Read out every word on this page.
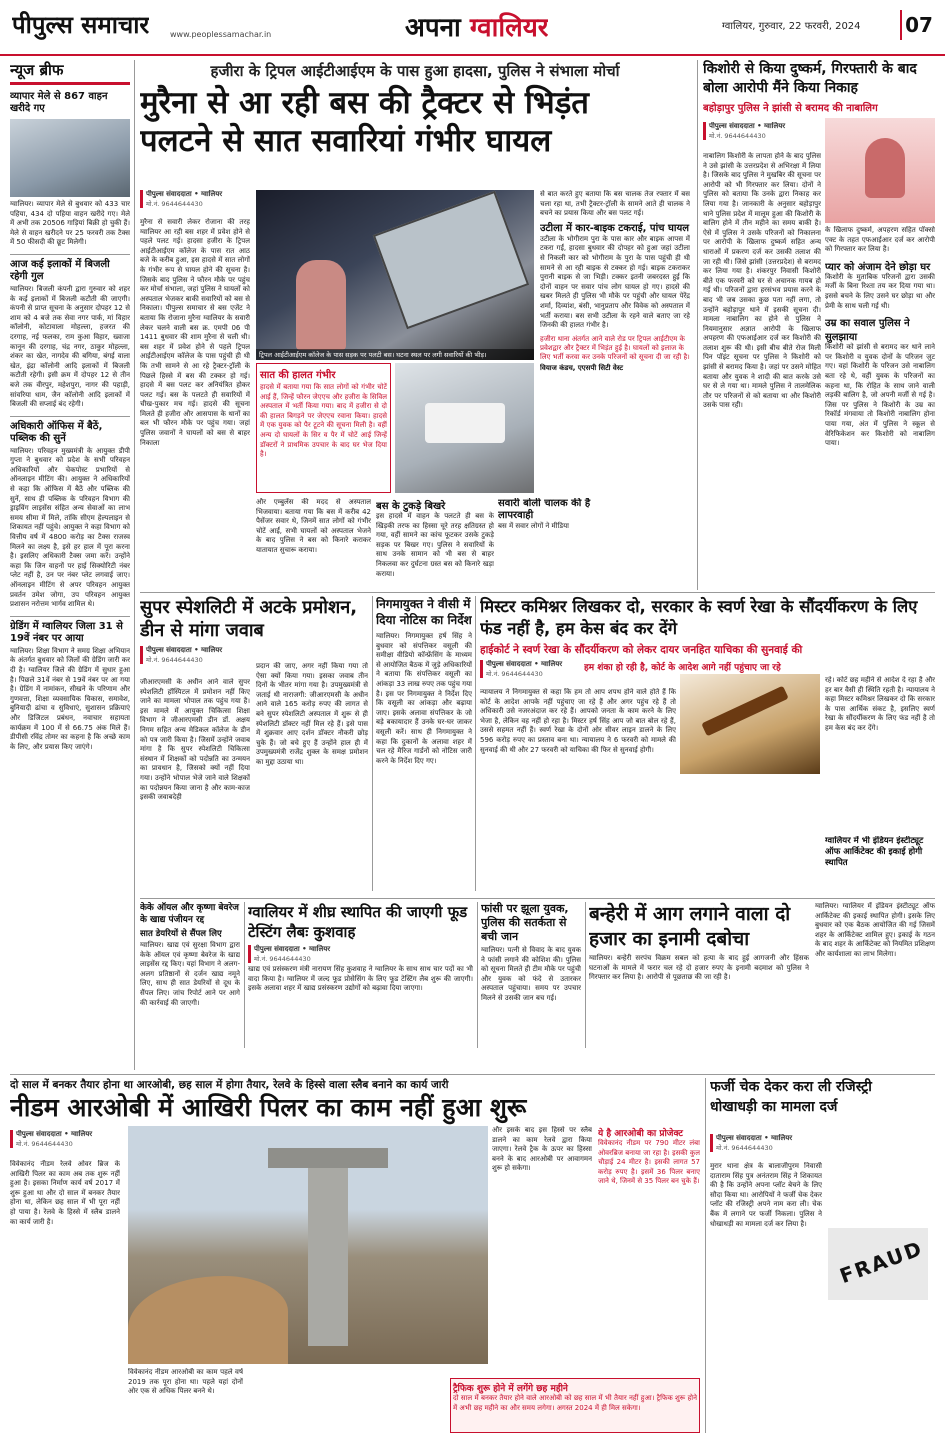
पीपुल्स समाचार	www.peoplessamachar.in	अपना ग्वालियर	ग्वालियर, गुरुवार, 22 फरवरी, 2024 07
न्यूज ब्रीफ
व्यापार मेले से 867 वाहन खरीदे गए
ग्वालियर। व्यापार मेले से बुधवार को 433 चार पहिया, 434 दो पहिया वाहन खरीदे गए। मेले में अभी तक 20506 गाड़ियां बिक्री हो चुकी हैं। मेले से वाहन खरीदने पर 25 फरवरी तक टैक्स में 50 फीसदी की छूट मिलेगी।
आज कई इलाकों में बिजली रहेगी गुल
ग्वालियर। बिजली कंपनी द्वारा गुरुवार को शहर के कई इलाकों में बिजली कटौती की जाएगी। कंपनी से प्राप्त सूचना के अनुसार दोपहर 12 से शाम को 4 बजे तक सेवा नगर पार्क, मां विहार कॉलोनी, कोटावाला मोहल्ला, हजरत की दरगाह, नई फलका, राम कुआ विहार, ख्वाजा कानून की दरगाह, चंद्र नगर, ठाकुर मोहल्ला, शंकर का खेत, नागदेव की बगिया, बंगई वाला खेत, इंद्रा कॉलोनी आदि इलाकों में बिजली कटौती रहेगी। इसी क्रम में दोपहर 12 से तीन बजे तक वीरपुर, महेशपुरा, नागर की पहाड़ी, सांवरिया धाम, जैन कॉलोनी आदि इलाकों में बिजली की सप्लाई बंद रहेगी।
अधिकारी ऑफिस में बैठें, पब्लिक की सुनें
ग्वालियर। परिवहन मुख्यमंत्री के आयुक्त डीपी गुप्ता ने बुधवार को प्रदेश के सभी परिवहन अधिकारियों और चेकपोस्ट प्रभारियों से ऑनलाइन मीटिंग की। आयुक्त ने अधिकारियों से कहा कि ऑफिस में बैठें और पब्लिक की सुनें, साथ ही पब्लिक के परिवहन विभाग की ड्राइविंग लाइसेंस संहित अन्य सेवाओं का लाभ समय सीमा में मिले, तांकि सीएम हेल्पलाइन से शिकायत नहीं पहुंचे। आयुक्त ने कहा विभाग को वित्तीय वर्ष में 4800 करोड़ का टैक्स राजस्व मिलने का लक्ष्य है, इसे हर हाल में पूरा करना है। इसलिए अधिकारी टैक्स जमा करें। उन्होंने कहा कि जिन वाहनों पर हाई सिक्योरिटी नंबर प्लेट नहीं है, उन पर नंबर प्लेट लगवाई जाए। ऑनलाइन मीटिंग से अपर परिवहन आयुक्त प्रवर्तन उमेश जोगा, उप परिवहन आयुक्त प्रशासन नरोत्तम भार्गव शामिल थे।
ग्रेडिंग में ग्वालियर जिला 31 से 19वें नंबर पर आया
ग्वालियर। शिक्षा विभाग ने समग्र शिक्षा अभियान के अंतर्गत बुधवार को जिलों की ग्रेडिंग जारी कर दी है। ग्वालियर जिले की ग्रेडिंग में सुधार हुआ है। पिछले 31वें नंबर से 19वें नंबर पर आ गया है। ग्रेडिंग में नामांकन, सीखने के परिणाम और गुणवत्ता, शिक्षा व्यवसायिक विकास, समावेश, बुनियादी ढांचा व सुविधाएं, सुशासन प्रक्रियाएं और डिजिटल प्रबंधन, नवाचार सहायता कार्यक्रम में 100 में से 66.75 अंक मिले हैं। डीपीसी रविंद्र तोमर का कहना है कि अच्छे काम के लिए, और प्रयास किए जाएंगे।
हजीरा के ट्रिपल आईटीआईएम के पास हुआ हादसा, पुलिस ने संभाला मोर्चा
मुरैना से आ रही बस की ट्रैक्टर से भिड़ंत
पलटने से सात सवारियां गंभीर घायल
पीपुल्स संवाददाता • ग्वालियर
मो.नं. 9644644430
मुरैना से सवारी लेकर रोजाना की तरह ग्वालियर आ रही बस शहर में प्रवेश होने से पहले पलट गई। हादसा हजीरा के ट्रिपल आईटीआईएम कॉलेज के पास रात आठ बजे के करीब हुआ, इस हादसे में सात लोगों के गंभीर रूप से घायल होने की सूचना है। जिसके बाद पुलिस ने फौरन मौके पर पहुंच कर मोर्चा संभाला, जहां पुलिस ने घायलों को अस्पताल भेजकर बाकी सवारियों को बस से निकाला। पीपुल्स समाचार से बस एजेंट ने बताया कि रोजाना मुरैना ग्वालियर के सवारी लेकर चलने वाली बस क्र. एमपी 06 पी 1411 बुधवार की शाम मुरैना से चली थी। बस शहर में प्रवेश होने से पहले ट्रिपल आईटीआईएम कॉलेज के पास पहुंची ही थी कि तभी सामने से आ रहे ट्रैक्टर-ट्रॉली के पिछले हिस्से में बस की टक्कर हो गई। हादसे में बस पलट कर अनियंत्रित होकर पलट गई। बस के पलटते ही सवारियों में चीख-पुकार मच गई। हादसे की सूचना मिलते ही हजीरा और आसपास के थानों का बल भी फौरन मौके पर पहुंच गया। जहां पुलिस जवानों ने घायलों को बस से बाहर निकाला
ट्रिपल आईटीआईएम कॉलेज के पास सड़क पर पलटी बस। घटना स्थल पर लगी सवारियों की भीड़।
सात की हालत गंभीर
हादसे में बताया गया कि सात लोगों को गंभीर चोटें आई हैं, जिन्हें फौरन जेएएच और हजीरा के सिविल अस्पताल में भर्ती किया गया। बाद में हजीरा से दो की हालत बिगड़ने पर जेएएच रवाना किया। हादसे में एक युवक को पैर टूटने की सूचना मिली है। वहीं अन्य दो घायलों के सिर व पैर में चोटें आई जिन्हें डॉक्टरों ने प्राथमिक उपचार के बाद घर भेज दिया है।
और एम्बुलेंस की मदद से अस्पताल भिजवाया। बताया गया कि बस में करीब 42 पैसेंजर सवार थे, जिनमें सात लोगों को गंभीर चोटें आईं, सभी घायलों को अस्पताल भेजने के बाद पुलिस ने बस को किनारे कराकर यातायात सुचारू कराया।
बस के टुकड़े बिखरे
इस हादसे में वाहन के पलटते ही बस के खिड़की तरफ का हिस्सा चूरे तरह क्षतिग्रस्त हो गया, वहीं सामने का कांच फूटकर उसके टुकड़े सड़क पर बिखर गए। पुलिस ने सवारियों के साथ उनके सामान को भी बस से बाहर निकलवा कर दुर्घटना ग्रस्त बस को किनारे खड़ा कराया।
सवारी बोली चालक की है लापरवाही
बस में सवार लोगों ने मीडिया
से बात करते हुए बताया कि बस चालक तेज रफ्तार में बस चला रहा था, तभी ट्रैक्टर-ट्रॉली के सामने आते ही चालक ने बचने का प्रयास किया और बस पलट गई।
उटीला में कार-बाइक टकराई, पांच घायल
उटीला के भोगीराम पुरा के पास कार और बाइक आपस में टकरा गईं, हादसा बुधवार की दोपहर को हुआ जहां उटीला से निकली कार को भोगीराम के पुरा के पास पहुंची ही थी सामने से आ रही बाइक से टक्कर हो गई। बाइक टकराकर पुरानी बाइक से जा भिड़ी। टक्कर इतनी जबरदस्त हुई कि दोनों वाहन पर सवार पांच लोग घायल हो गए। हादसे की खबर मिलते ही पुलिस भी मौके पर पहुंची और घायल पेरेंद्र शर्मा, दिव्यांश, बंसी, भानुप्रताप और विवेक को अस्पताल में भर्ती कराया। बस सभी उटीला के रहने वाले बताए जा रहे जिनकी की हालत गंभीर है।
हजीरा थाना अंतर्गत आने वाले रोड पर ट्रिपल आईटीएम के प्रवेशद्वार और ट्रैक्टर में भिड़ंत हुई है। घायलों को इलाज के लिए भर्ती करवा कर उनके परिजनों को सूचना दी जा रही है।
वियाज कंडच, एएसपी सिटी वेस्ट
किशोरी से किया दुष्कर्म, गिरफ्तारी के बाद बोला आरोपी मैंने किया निकाह
बहोड़ापुर पुलिस ने झांसी से बरामद की नाबालिग
पीपुल्स संवाददाता • ग्वालियर
मो.नं. 9644644430
नाबालिग किशोरी के लापता होने के बाद पुलिस ने उसे झांसी के उत्तरप्रदेश से अभिरक्षा में लिया है। जिसके बाद पुलिस ने मुखबिर की सूचना पर आरोपी को भी गिरफ्तार कर लिया। दोनों ने पुलिस को बताया कि उनके द्वारा निकाह कर लिया गया है। जानकारी के अनुसार बहोड़ापुर थाने पुलिस प्रदेश में मालूम हुआ की किशोरी के बालिग होने में तीन महीने का समय बाकी है। ऐसे में पुलिस ने उसके परिजनों को निकालना पर आरोपी के खिलाफ दुष्कर्म सहित अन्य धाराओं में प्रकरण दर्ज कर उसकी तलाश की जा रही थी। जिसे झांसी (उत्तरप्रदेश) से बरामद कर लिया गया है। शंकरपुर निवासी किशोरी बीते एक फरवरी को घर से अचानक गायब हो गई थी। परिजनों द्वारा हरसंभव प्रयास करने के बाद भी जब उसका कुछ पता नहीं लगा, तो उन्होंने बहोड़ापुर थाने में इसकी सूचना दी। मामला नाबालिग का होने से पुलिस ने नियमानुसार अज्ञात आरोपी के खिलाफ अपहरण की एफआईआर दर्ज कर किशोरी की तलाश शुरू की थी। इसी बीच बीते रोज मिली पिन पॉइंट सूचना पर पुलिस ने किशोरी को झांसी से बरामद किया है। जहां पर उसने मोहित बताया और युवक ने शादी की बात करके उसे घर से ले गया था। मामले पुलिस ने तालमेलिक तौर पर परिजनों से को बताया था और किशोरी उसके पास रही।
के खिलाफ दुष्कर्म, अपहरण सहित पॉक्सो एक्ट के तहत एफआईआर दर्ज कर आरोपी को गिरफ्तार कर लिया है।
प्यार को अंजाम देने छोड़ा घर
किशोरी के मुताबिक परिजनों द्वारा उसकी मर्जी के बिना रिश्ता तय कर दिया गया था। इससे बचने के लिए उसने घर छोड़ा था और प्रेमी के साथ चली गई थी।
उम्र का सवाल पुलिस ने सुलझाया
किशोरी को झांसी से बरामद कर थाने लाने पर किशोरी व युवक दोनों के परिजन जुट गए। वहां किशोरी के परिजन उसे नाबालिग बता रहे थे, वहीं युवक के परिजनों का कहना था, कि रोहित के साथ जाने वाली लड़की बालिग है, जो अपनी मर्जी से गई है। जिस पर पुलिस ने किशोरी के उम्र का रिकॉर्ड मंगवाया तो किशोरी नाबालिग होना पाया गया, अंत में पुलिस ने स्कूल से वेरिफिकेशन कर किशोरी को नाबालिग पाया।
सुपर स्पेशलिटी में अटके प्रमोशन, डीन से मांगा जवाब
पीपुल्स संवाददाता • ग्वालियर
मो.नं. 9644644430
जीआरएमसी के अधीन आने वाले सुपर स्पेशलिटी हॉस्पिटल में प्रमोशन नहीं किए जाने का मामला भोपाल तक पहुंच गया है। इस मामले में आयुक्त चिकित्सा शिक्षा विभाग ने जीआरएमसी डीन डॉ. अक्षय निगम सहित अन्य मेडिकल कॉलेज के डीन को पत्र जारी किया है। जिसमें उन्होंने जवाब मांगा है कि सुपर स्पेशलिटी चिकित्सा संस्थान में शिक्षकों को पदोन्नति का उन्मयन का प्रावधान है, जिसको क्यों नहीं दिया गया। उन्होंने भोपाल भेजे जाने वाले शिक्षकों का पदोन्नयन किया जाना है और काम-काज इसकी जवाबदेही
प्रदान की जाए, अगर नहीं किया गया तो ऐसा क्यों किया गया। इसका जवाब तीन दिनों के भीतर मांगा गया है। उपमुख्यमंत्री से जताई थी नाराजगी: जीआरएमसी के अधीन आने वाले 165 करोड़ रुपए की लागत से बने सुपर स्पेशलिटी अस्पताल में शुरू से ही स्पेशलिटी डॉक्टर नहीं मिल रहे हैं। इसे पास में शुक्रवार आए दर्शन डॉक्टर नौकरी छोड़ चुके हैं। जो बचे हुए हैं उन्होंने हाल ही में उपमुख्यमंत्री राजेंद्र शुक्ल के समक्ष प्रमोशन का मुद्दा उठाया था।
निगमायुक्त ने वीसी में दिया नोटिस का निर्देश
ग्वालियर। निगमायुक्त हर्ष सिंह ने बुधवार को संपत्तिकर वसूली की समीक्षा वीडियो कॉन्फ्रेंसिंग के माध्यम से आयोजित बैठक में जुड़े अधिकारियों ने बताया कि संपत्तिकर वसूली का आंकड़ा 33 लाख रुपए तक पहुंच गया है। इस पर निगमायुक्त ने निर्देश दिए कि वसूली का आंकड़ा और बढ़ाया जाए। इसके अलावा संपत्तिकर के जो बड़े बकायादार हैं उनके घर-घर जाकर वसूली करें। साथ ही निगमायुक्त ने कहा कि दुकानों के अलावा शहर में चल रहे मैरिज गार्डनों को नोटिस जारी करने के निर्देश दिए गए।
मिस्टर कमिश्नर लिखकर दो, सरकार के स्वर्ण रेखा के सौंदर्यीकरण के लिए फंड नहीं है, हम केस बंद कर देंगे
हाईकोर्ट ने स्वर्ण रेखा के सौंदर्यीकरण को लेकर दायर जनहित याचिका की सुनवाई की
पीपुल्स संवाददाता • ग्वालियर
मो.नं. 9644644430
हम शंका हो रही है, कोर्ट के आदेश आगे नहीं पहुंचाए जा रहे
न्यायालय ने निगमायुक्त से कहा कि हम तो आप शपथ होने वाले होते हैं कि कोर्ट के आदेश आपके नहीं पहुंचाए जा रहे हैं और अगर पहुंच रहे हैं तो अधिकारी उसे नजरअंदाज कर रहे हैं। आपको जनता के काम करने के लिए भेजा है, लेकिन वह नहीं हो रहा है। मिस्टर हर्ष सिंह आप जो बात बोल रहे हैं, उससे सहमत नहीं हैं। स्वर्ण रेखा के दोनों ओर सीवर लाइन डालने के लिए 596 करोड़ रुपए का प्रस्ताव बना था। न्यायालय ने 6 फरवरी को मामले की सुनवाई की थी और 27 फरवरी को याचिका की फिर से सुनवाई होगी।
रहे। कोर्ट छह महीने से आदेश दे रहा है और हर बार वैसी ही स्थिति रहती है। न्यायालय ने कहा मिस्टर कमिश्नर लिखकर दो कि सरकार के पास आर्थिक संकट है, इसलिए स्वर्ण रेखा के सौंदर्यीकरण के लिए फंड नहीं है तो हम केस बंद कर देंगे।
ग्वालियर में भी इंडियन इंस्टीट्यूट ऑफ आर्किटेक्ट की इकाई होगी स्थापित
केके ऑयल और कृष्णा बेवरेज के खाद्य पंजीयन रद्द
सात डेयरियों से सैंपल लिए
ग्वालियर। खाद्य एवं सुरक्षा विभाग द्वारा केके ऑयल एवं कृष्णा बेवरेज के खाद्य लाइसेंस रद्द किए। यहां विभाग ने अलग-अलग प्रतिष्ठानों से दर्जन खाद्य नमूने लिए, साथ ही सात डेयरियों से दूध के सैंपल लिए। जांच रिपोर्ट आने पर आगे की कार्रवाई की जाएगी।
ग्वालियर में शीघ्र स्थापित की जाएगी फूड टेस्टिंग लैबः कुशवाह
पीपुल्स संवाददाता • ग्वालियर
मो.नं. 9644644430
खाद्य एवं प्रसंस्करण मंत्री नारायण सिंह कुशवाह ने ग्वालियर के साथ साथ चार पदों का भी वादा किया है। ग्वालियर में जल्द फूड प्रोसेसिंग के लिए फूड टेस्टिंग लैब शुरू की जाएगी। इसके अलावा शहर में खाद्य प्रसंस्करण उद्योगों को बढ़ावा दिया जाएगा।
फांसी पर झूला युवक, पुलिस की सतर्कता से बची जान
ग्वालियर। पत्नी से विवाद के बाद युवक ने फांसी लगाने की कोशिश की। पुलिस को सूचना मिलते ही टीम मौके पर पहुंची और युवक को फंदे से उतारकर अस्पताल पहुंचाया। समय पर उपचार मिलने से उसकी जान बच गई।
बन्हेरी में आग लगाने वाला दो हजार का इनामी दबोचा
ग्वालियर। बन्हेरी सरपंच विक्रम सबल को हत्या के बाद हुई आगजनी और हिंसक घटनाओं के मामले में फरार चल रहे दो हजार रुपए के इनामी बदमाश को पुलिस ने गिरफ्तार कर लिया है। आरोपी से पूछताछ की जा रही है।
ग्वालियर। ग्वालियर में इंडियन इंस्टीट्यूट ऑफ आर्किटेक्ट की इकाई स्थापित होगी। इसके लिए बुधवार को एक बैठक आयोजित की गई जिसमें शहर के आर्किटेक्ट शामिल हुए। इकाई के गठन के बाद शहर के आर्किटेक्ट को नियमित प्रशिक्षण और कार्यशाला का लाभ मिलेगा।
दो साल में बनकर तैयार होना था आरओबी, छह साल में होगा तैयार, रेलवे के हिस्से वाला स्लैब बनाने का कार्य जारी
नीडम आरओबी में आखिरी पिलर का काम नहीं हुआ शुरू
पीपुल्स संवाददाता • ग्वालियर
मो.नं. 9644644430
विवेकानंद नीडम रेलवे ओवर ब्रिज के आखिरी पिलर का काम अब तक शुरू नहीं हुआ है। इसका निर्माण कार्य वर्ष 2017 में शुरू हुआ था और दो साल में बनकर तैयार होना था, लेकिन छह साल में भी पूरा नहीं हो पाया है। रेलवे के हिस्से में स्लैब डालने का कार्य जारी है।
विवेकानंद नीडम आरओबी का काम पहले वर्ष 2019 तक पूरा होना था। पहले यहां दोनों ओर एक से अधिक पिलर बनने थे।
और इसके बाद इस हिस्से पर स्लैब डालने का काम रेलवे द्वारा किया जाएगा। रेलवे ट्रैक के ऊपर का हिस्सा बनने के बाद आरओबी पर आवागमन शुरू हो सकेगा।
ये है आरओबी का प्रोजेक्ट
विवेकानंद नीडम पर 790 मीटर लंबा ओवरब्रिज बनाया जा रहा है। इसकी कुल चौड़ाई 24 मीटर है। इसकी लागत 57 करोड़ रुपए है। इसमें 36 पिलर बनाए जाने थे, जिनमें से 35 पिलर बन चुके हैं।
ट्रैफिक शुरू होने में लगेंगे छह महीने
दो साल में बनकर तैयार होने वाले आरओबी को छह साल में भी तैयार नहीं हुआ। ट्रैफिक शुरू होने में अभी छह महीने का और समय लगेगा। अगस्त 2024 में ही मिल सकेगा।
फर्जी चेक देकर करा ली रजिस्ट्री
धोखाधड़ी का मामला दर्ज
पीपुल्स संवाददाता • ग्वालियर
मो.नं. 9644644430
FRAUD
मुरार थाना क्षेत्र के बालाजीपुरम निवासी दाताराम सिंह पुत्र अनंतराम सिंह ने शिकायत की है कि उन्होंने अपना प्लॉट बेचने के लिए सौदा किया था। आरोपियों ने फर्जी चेक देकर प्लॉट की रजिस्ट्री अपने नाम करा ली। चेक बैंक में लगाने पर फर्जी निकला। पुलिस ने धोखाधड़ी का मामला दर्ज कर लिया है।
